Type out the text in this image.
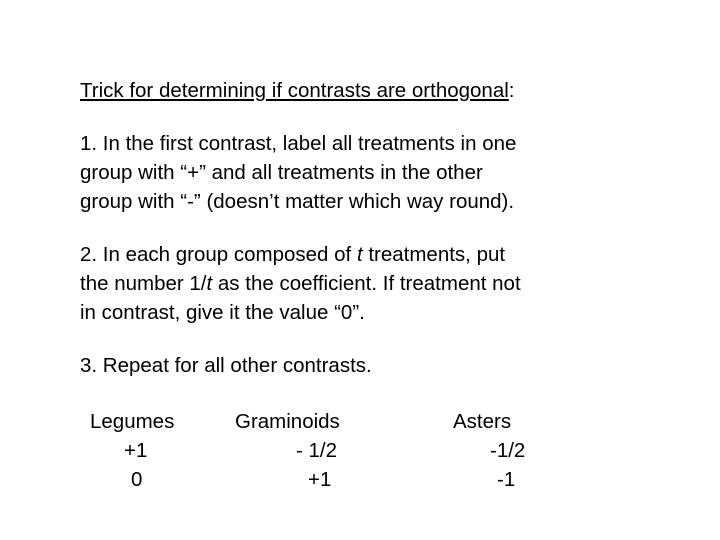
Trick for determining if contrasts are orthogonal:
1. In the first contrast, label all treatments in one
group with “+” and all treatments in the other
group with “-” (doesn’t matter which way round).
2. In each group composed of t treatments, put
the number 1/t as the coefficient. If treatment not
in contrast, give it the value “0”.
3. Repeat for all other contrasts.
Legumes	Graminoids	Asters
+1	- 1/2	-1/2
0	+1	-1
